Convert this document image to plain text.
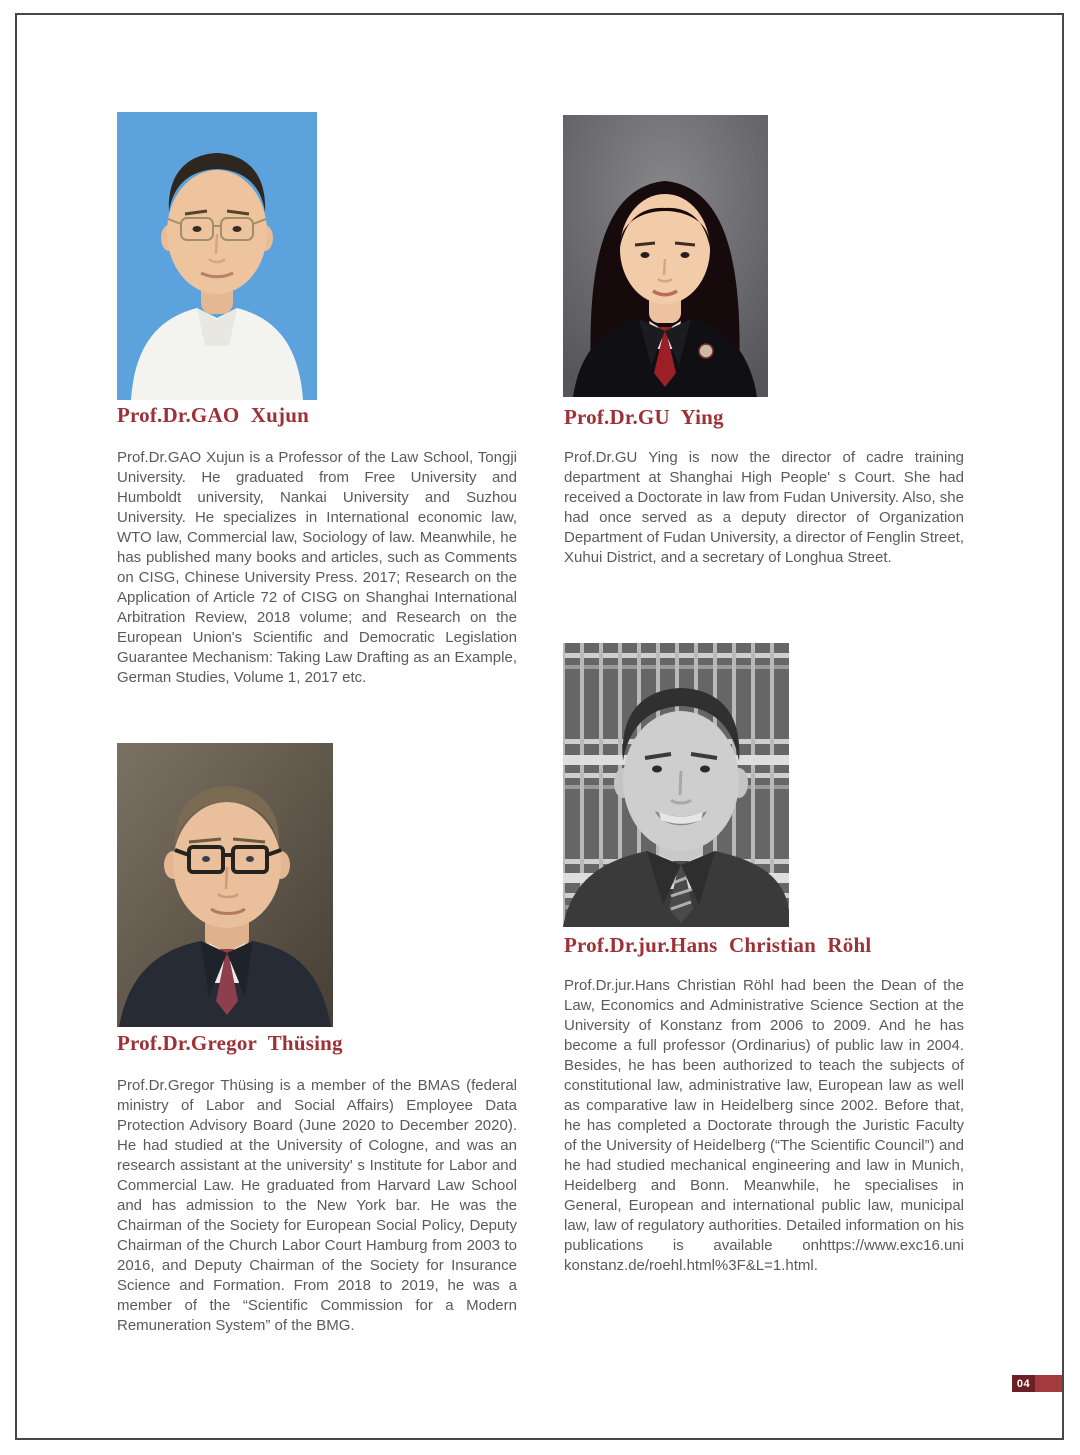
Prof.Dr.GAO Xujun

Prof.Dr.GAO Xujun is a Professor of the Law School, Tongji University. He graduated from Free University and Humboldt university, Nankai University and Suzhou University. He specializes in International economic law, WTO law, Commercial law, Sociology of law. Meanwhile, he has published many books and articles, such as Comments on CISG, Chinese University Press. 2017; Research on the Application of Article 72 of CISG on Shanghai International Arbitration Review, 2018 volume; and Research on the European Union's Scientific and Democratic Legislation Guarantee Mechanism: Taking Law Drafting as an Example, German Studies, Volume 1, 2017 etc.

Prof.Dr.GU Ying

Prof.Dr.GU Ying is now the director of cadre training department at Shanghai High People' s Court. She had received a Doctorate in law from Fudan University. Also, she had once served as a deputy director of Organization Department of Fudan University, a director of Fenglin Street, Xuhui District, and a secretary of Longhua Street.

Prof.Dr.Gregor Thüsing

Prof.Dr.Gregor Thüsing is a member of the BMAS (federal ministry of Labor and Social Affairs) Employee Data Protection Advisory Board (June 2020 to December 2020). He had studied at the University of Cologne, and was an research assistant at the university' s Institute for Labor and Commercial Law. He graduated from Harvard Law School and has admission to the New York bar. He was the Chairman of the Society for European Social Policy, Deputy Chairman of the Church Labor Court Hamburg from 2003 to 2016, and Deputy Chairman of the Society for Insurance Science and Formation. From 2018 to 2019, he was a member of the “Scientific Commission for a Modern Remuneration System” of the BMG.

Prof.Dr.jur.Hans Christian Röhl

Prof.Dr.jur.Hans Christian Röhl had been the Dean of the Law, Economics and Administrative Science Section at the University of Konstanz from 2006 to 2009. And he has become a full professor (Ordinarius) of public law in 2004. Besides, he has been authorized to teach the subjects of constitutional law, administrative law, European law as well as comparative law in Heidelberg since 2002. Before that, he has completed a Doctorate through the Juristic Faculty of the University of Heidelberg (“The Scientific Council”) and he had studied mechanical engineering and law in Munich, Heidelberg and Bonn. Meanwhile, he specialises in General, European and international public law, municipal law, law of regulatory authorities. Detailed information on his publications is available onhttps://www.exc16.uni konstanz.de/roehl.html%3F&L=1.html.

04
